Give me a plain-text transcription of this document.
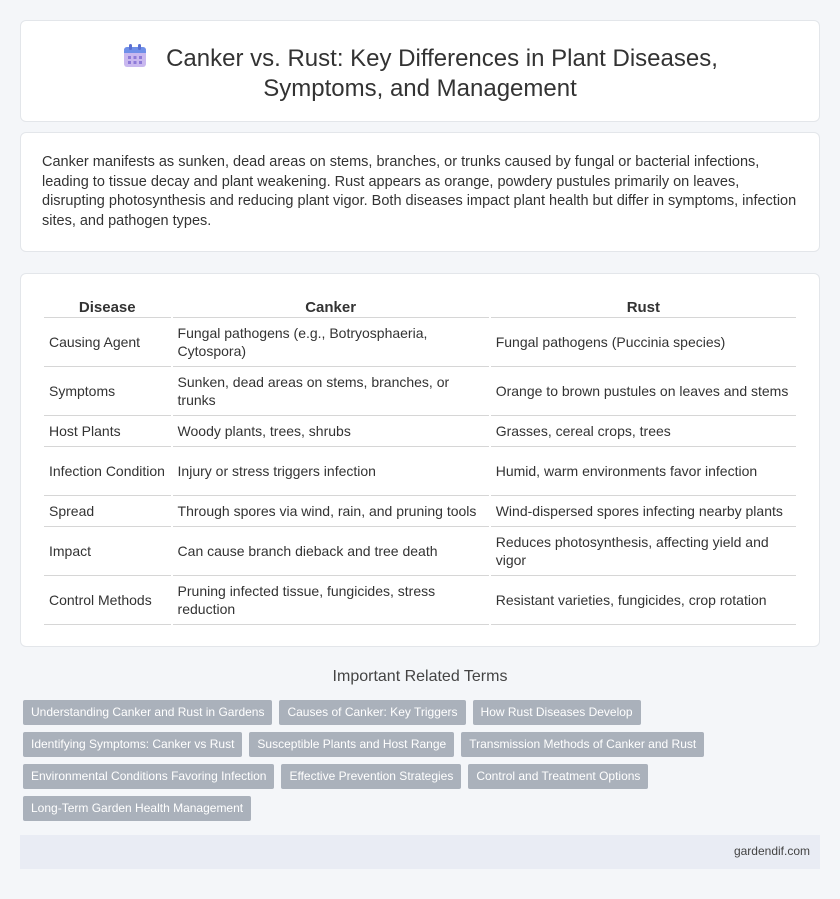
Canker vs. Rust: Key Differences in Plant Diseases, Symptoms, and Management

Canker manifests as sunken, dead areas on stems, branches, or trunks caused by fungal or bacterial infections, leading to tissue decay and plant weakening. Rust appears as orange, powdery pustules primarily on leaves, disrupting photosynthesis and reducing plant vigor. Both diseases impact plant health but differ in symptoms, infection sites, and pathogen types.

Disease	Canker	Rust
Causing Agent	Fungal pathogens (e.g., Botryosphaeria, Cytospora)	Fungal pathogens (Puccinia species)
Symptoms	Sunken, dead areas on stems, branches, or trunks	Orange to brown pustules on leaves and stems
Host Plants	Woody plants, trees, shrubs	Grasses, cereal crops, trees
Infection Condition	Injury or stress triggers infection	Humid, warm environments favor infection
Spread	Through spores via wind, rain, and pruning tools	Wind-dispersed spores infecting nearby plants
Impact	Can cause branch dieback and tree death	Reduces photosynthesis, affecting yield and vigor
Control Methods	Pruning infected tissue, fungicides, stress reduction	Resistant varieties, fungicides, crop rotation
Important Related Terms
Understanding Canker and Rust in Gardens	Causes of Canker: Key Triggers	How Rust Diseases Develop
Identifying Symptoms: Canker vs Rust	Susceptible Plants and Host Range	Transmission Methods of Canker and Rust
Environmental Conditions Favoring Infection	Effective Prevention Strategies	Control and Treatment Options
Long-Term Garden Health Management
gardendif.com
